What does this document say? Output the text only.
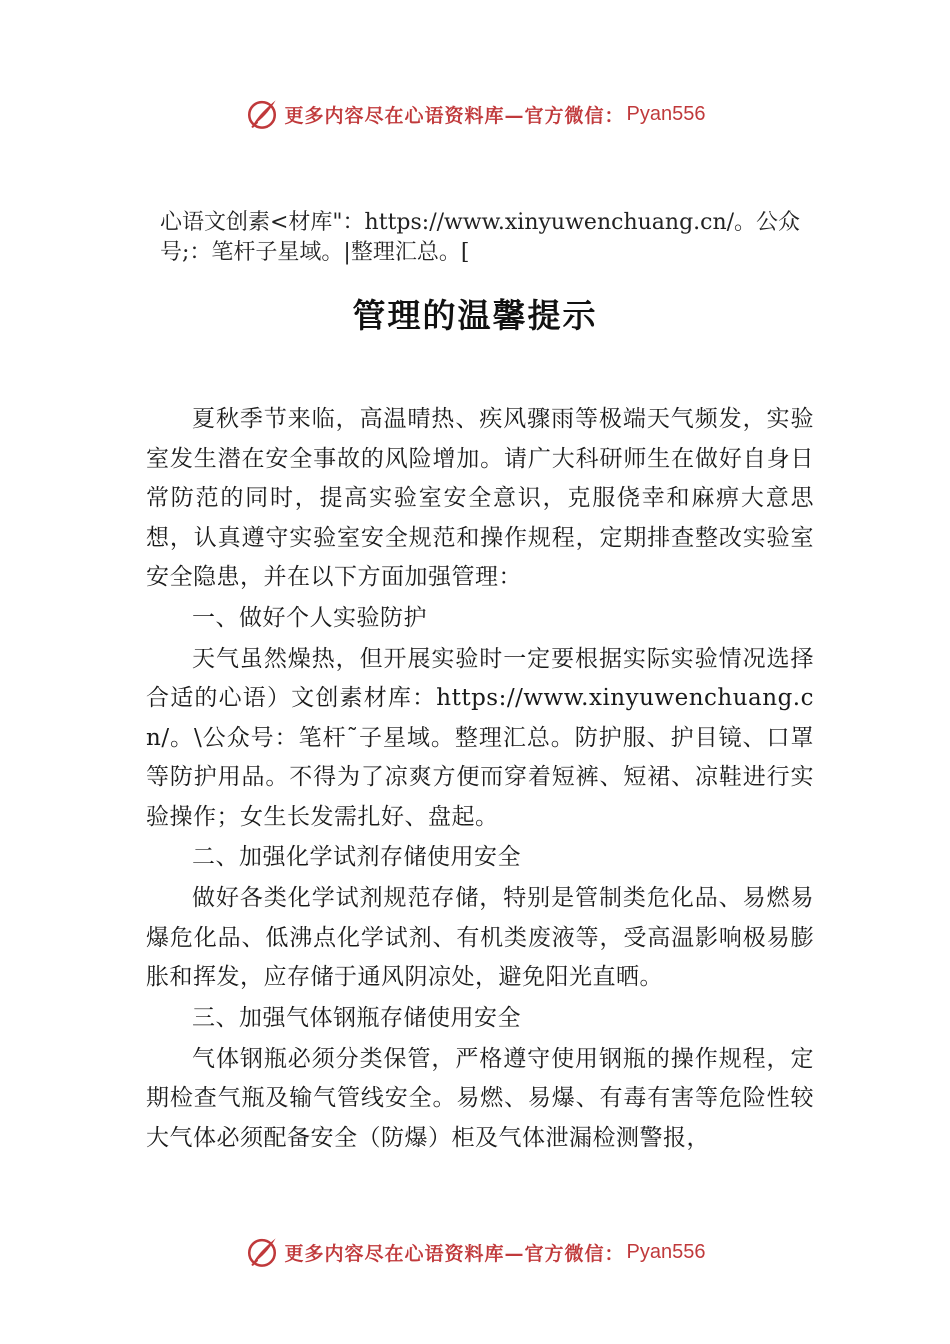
更多内容尽在心语资料库—官方微信： Pyan556
心语文创素<材库"：https://www.xinyuwenchuang.cn/。公众号;：笔杆子星域。|整理汇总。[
管理的温馨提示

夏秋季节来临，高温晴热、疾风骤雨等极端天气频发，实验室发生潜在安全事故的风险增加。请广大科研师生在做好自身日常防范的同时，提高实验室安全意识，克服侥幸和麻痹大意思想，认真遵守实验室安全规范和操作规程，定期排查整改实验室安全隐患，并在以下方面加强管理：

一、做好个人实验防护

天气虽然燥热，但开展实验时一定要根据实际实验情况选择合适的心语）文创素材库：https://www.xinyuwenchuang.cn/。\公众号：笔杆˜子星域。整理汇总。防护服、护目镜、口罩等防护用品。不得为了凉爽方便而穿着短裤、短裙、凉鞋进行实验操作；女生长发需扎好、盘起。

二、加强化学试剂存储使用安全

做好各类化学试剂规范存储，特别是管制类危化品、易燃易爆危化品、低沸点化学试剂、有机类废液等，受高温影响极易膨胀和挥发，应存储于通风阴凉处，避免阳光直晒。

三、加强气体钢瓶存储使用安全

气体钢瓶必须分类保管，严格遵守使用钢瓶的操作规程，定期检查气瓶及输气管线安全。易燃、易爆、有毒有害等危险性较大气体必须配备安全（防爆）柜及气体泄漏检测警报，

更多内容尽在心语资料库—官方微信： Pyan556
